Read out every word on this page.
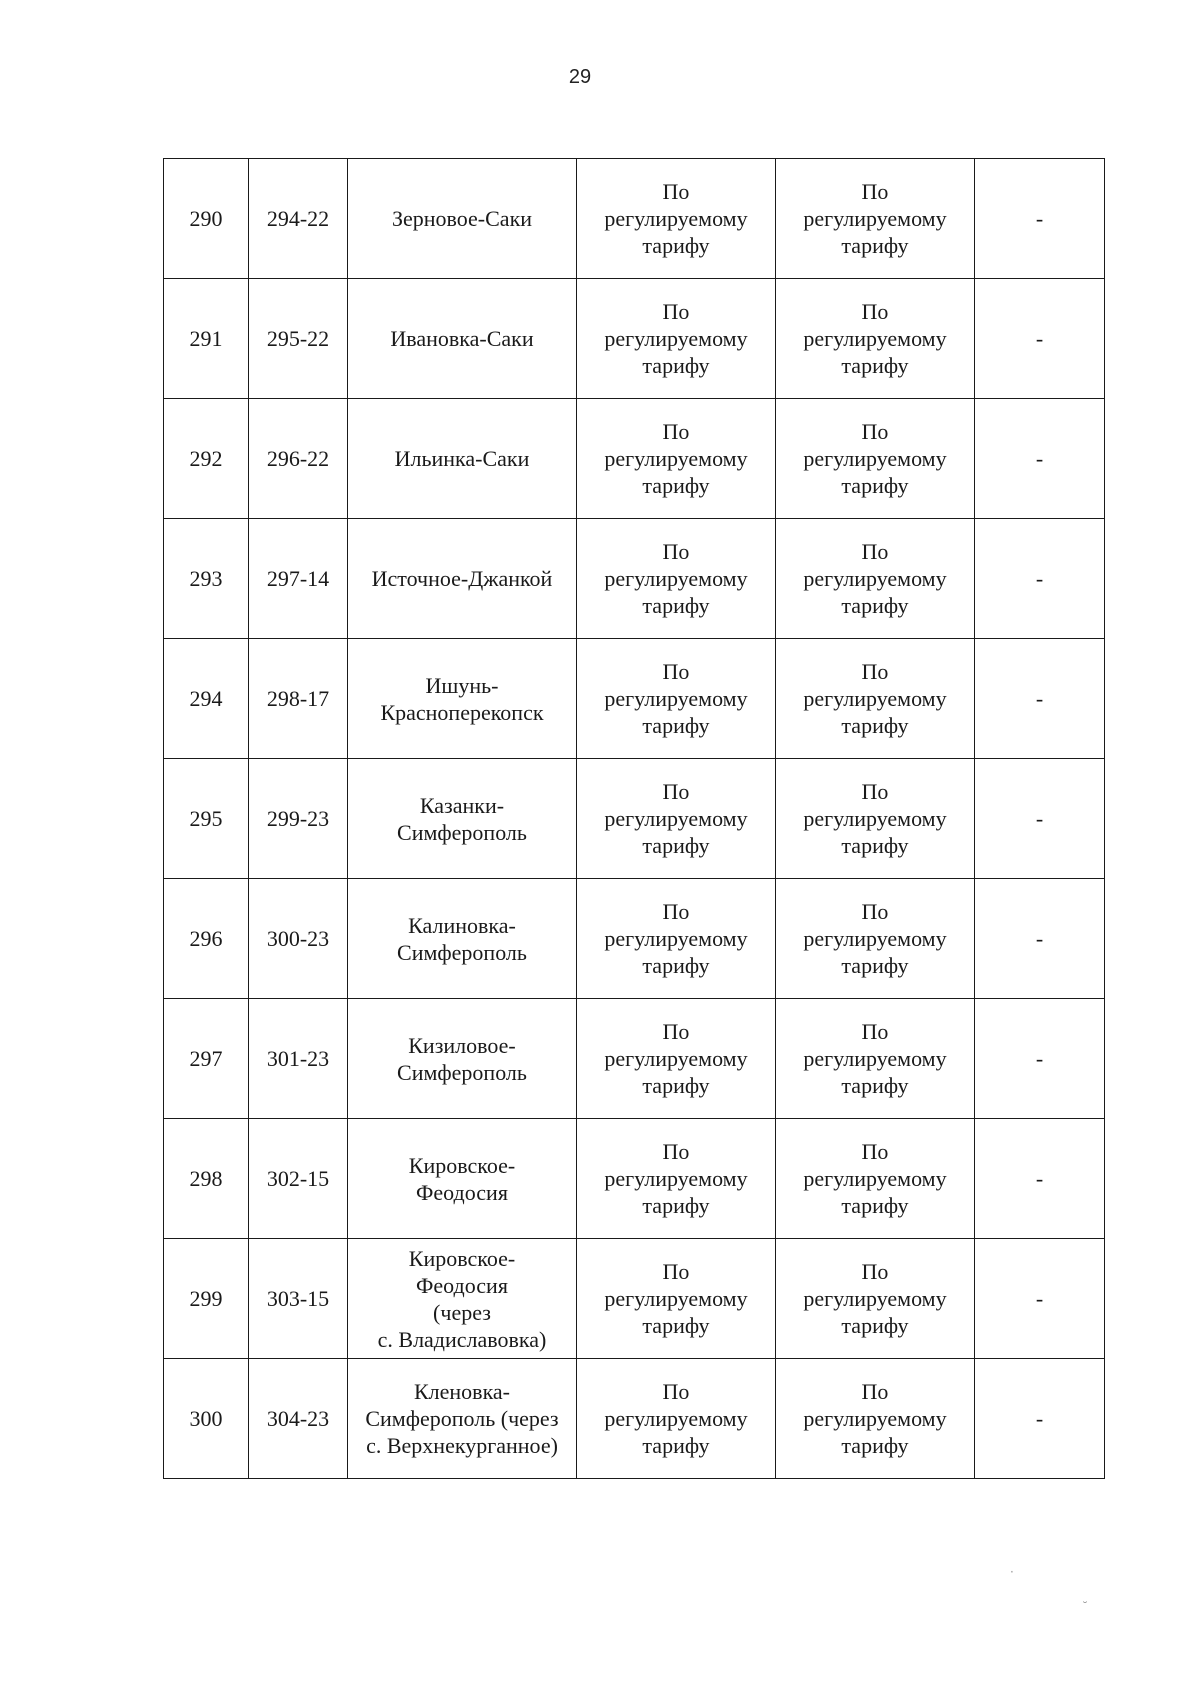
29
290	294-22	Зерновое-Саки	По
регулируемому
тарифу	По
регулируемому
тарифу	-
291	295-22	Ивановка-Саки	По
регулируемому
тарифу	По
регулируемому
тарифу	-
292	296-22	Ильинка-Саки	По
регулируемому
тарифу	По
регулируемому
тарифу	-
293	297-14	Источное-Джанкой	По
регулируемому
тарифу	По
регулируемому
тарифу	-
294	298-17	Ишунь-
Красноперекопск	По
регулируемому
тарифу	По
регулируемому
тарифу	-
295	299-23	Казанки-
Симферополь	По
регулируемому
тарифу	По
регулируемому
тарифу	-
296	300-23	Калиновка-
Симферополь	По
регулируемому
тарифу	По
регулируемому
тарифу	-
297	301-23	Кизиловое-
Симферополь	По
регулируемому
тарифу	По
регулируемому
тарифу	-
298	302-15	Кировское-
Феодосия	По
регулируемому
тарифу	По
регулируемому
тарифу	-
299	303-15	Кировское-
Феодосия
(через
с. Владиславовка)	По
регулируемому
тарифу	По
регулируемому
тарифу	-
300	304-23	Кленовка-
Симферополь (через
с. Верхнекурганное)	По
регулируемому
тарифу	По
регулируемому
тарифу	-
˘
·
